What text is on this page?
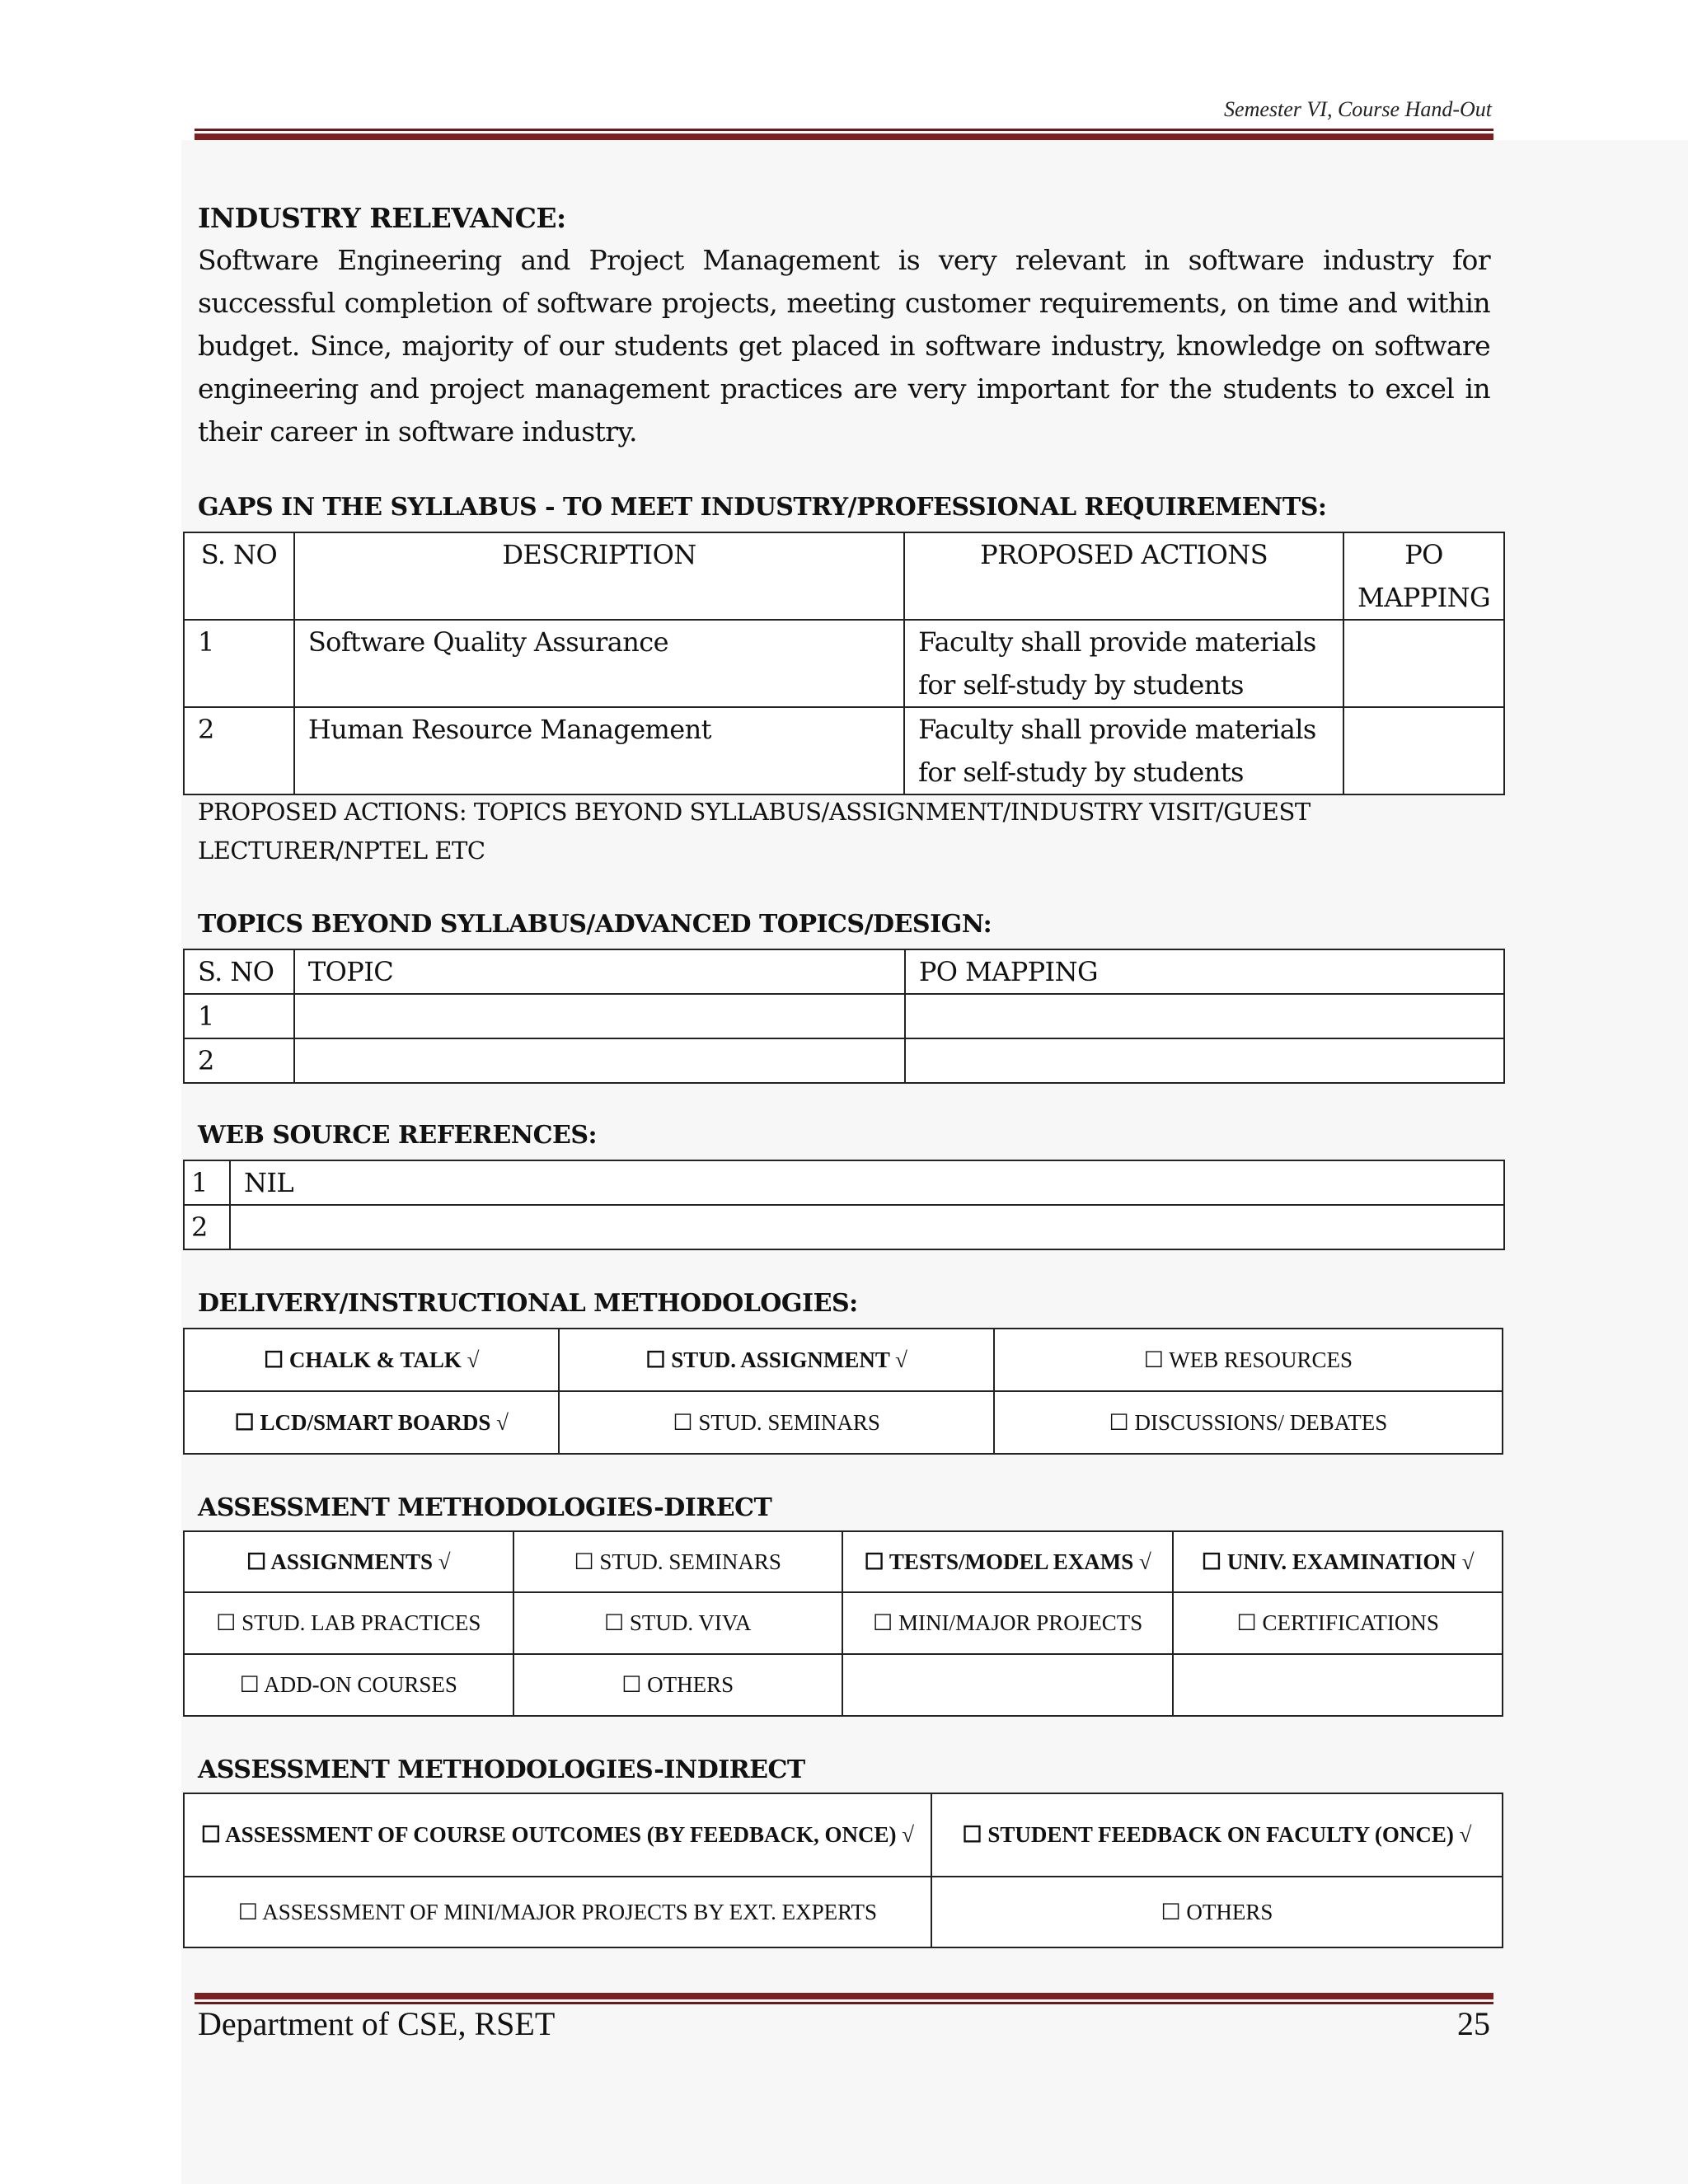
Semester VI, Course Hand-Out
INDUSTRY RELEVANCE:
Software Engineering and Project Management is very relevant in software industry for successful completion of software projects, meeting customer requirements, on time and within budget. Since, majority of our students get placed in software industry, knowledge on software engineering and project management practices are very important for the students to excel in their career in software industry.
GAPS IN THE SYLLABUS - TO MEET INDUSTRY/PROFESSIONAL REQUIREMENTS:
S. NO	DESCRIPTION	PROPOSED ACTIONS	PO MAPPING
1	Software Quality Assurance	Faculty shall provide materials for self-study by students	
2	Human Resource Management	Faculty shall provide materials for self-study by students	
PROPOSED ACTIONS: TOPICS BEYOND SYLLABUS/ASSIGNMENT/INDUSTRY VISIT/GUEST LECTURER/NPTEL ETC
TOPICS BEYOND SYLLABUS/ADVANCED TOPICS/DESIGN:
S. NO	TOPIC	PO MAPPING
1		
2		
WEB SOURCE REFERENCES:
1	NIL
2	
DELIVERY/INSTRUCTIONAL METHODOLOGIES:
☐ CHALK & TALK √	☐ STUD. ASSIGNMENT √	☐ WEB RESOURCES
☐ LCD/SMART BOARDS √	☐ STUD. SEMINARS	☐ DISCUSSIONS/ DEBATES
ASSESSMENT METHODOLOGIES-DIRECT
☐ ASSIGNMENTS √	☐ STUD. SEMINARS	☐ TESTS/MODEL EXAMS √	☐ UNIV. EXAMINATION √
☐ STUD. LAB PRACTICES	☐ STUD. VIVA	☐ MINI/MAJOR PROJECTS	☐ CERTIFICATIONS
☐ ADD-ON COURSES	☐ OTHERS		
ASSESSMENT METHODOLOGIES-INDIRECT
☐ ASSESSMENT OF COURSE OUTCOMES (BY FEEDBACK, ONCE) √	☐ STUDENT FEEDBACK ON FACULTY (ONCE) √
☐ ASSESSMENT OF MINI/MAJOR PROJECTS BY EXT. EXPERTS	☐ OTHERS
Department of CSE, RSET	25
